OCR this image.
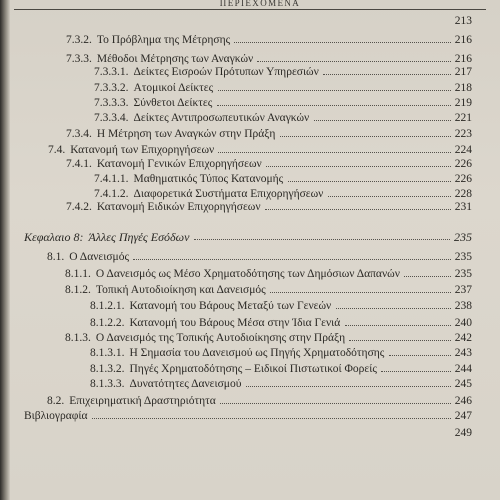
ΠΕΡΙΕΧΟΜΕΝΑ
213
7.3.2. Το Πρόβλημα της Μέτρησης	216
7.3.3. Μέθοδοι Μέτρησης των Αναγκών	216
7.3.3.1. Δείκτες Εισροών Πρότυπων Υπηρεσιών	217
7.3.3.2. Ατομικοί Δείκτες	218
7.3.3.3. Σύνθετοι Δείκτες	219
7.3.3.4. Δείκτες Αντιπροσωπευτικών Αναγκών	221
7.3.4. Η Μέτρηση των Αναγκών στην Πράξη	223
7.4. Κατανομή των Επιχορηγήσεων	224
7.4.1. Κατανομή Γενικών Επιχορηγήσεων	226
7.4.1.1. Μαθηματικός Τύπος Κατανομής	226
7.4.1.2. Διαφορετικά Συστήματα Επιχορηγήσεων	228
7.4.2. Κατανομή Ειδικών Επιχορηγήσεων	231
Κεφαλαιο 8: Άλλες Πηγές Εσόδων	235
8.1. Ο Δανεισμός	235
8.1.1. Ο Δανεισμός ως Μέσο Χρηματοδότησης των Δημόσιων Δαπανών	235
8.1.2. Τοπική Αυτοδιοίκηση και Δανεισμός	237
8.1.2.1. Κατανομή του Βάρους Μεταξύ των Γενεών	238
8.1.2.2. Κατανομή του Βάρους Μέσα στην Ίδια Γενιά	240
8.1.3. Ο Δανεισμός της Τοπικής Αυτοδιοίκησης στην Πράξη	242
8.1.3.1. Η Σημασία του Δανεισμού ως Πηγής Χρηματοδότησης	243
8.1.3.2. Πηγές Χρηματοδότησης – Ειδικοί Πιστωτικοί Φορείς	244
8.1.3.3. Δυνατότητες Δανεισμού	245
8.2. Επιχειρηματική Δραστηριότητα	246
Βιβλιογραφία	247
249
